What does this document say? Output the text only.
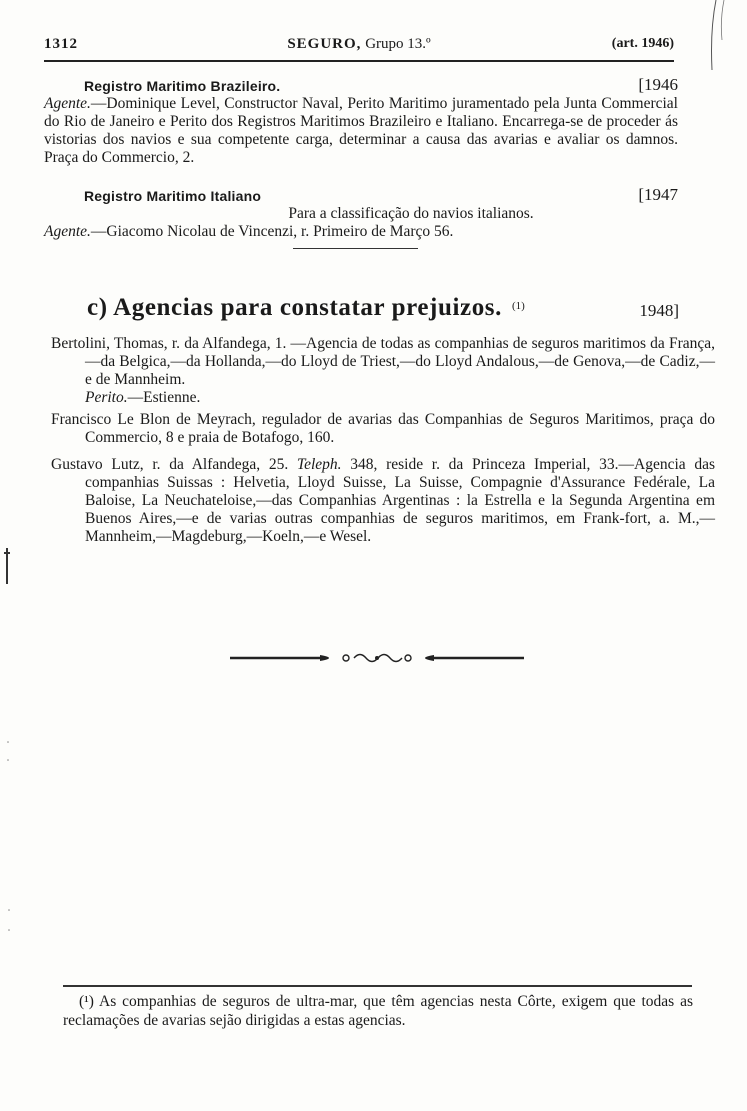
1312	SEGURO, Grupo 13.º	(art. 1946)
Registro Maritimo Brazileiro.	[1946
Agente.—Dominique Level, Constructor Naval, Perito Maritimo juramentado pela Junta Commercial do Rio de Janeiro e Perito dos Registros Maritimos Brazileiro e Italiano. Encarrega-se de proceder ás vistorias dos navios e sua competente carga, determinar a causa das avarias e avaliar os damnos. Praça do Commercio, 2.
Registro Maritimo Italiano	[1947
Para a classificação do navios italianos.
Agente.—Giacomo Nicolau de Vincenzi, r. Primeiro de Março 56.
c) Agencias para constatar prejuizos. $^{(1)}$	1948]
Bertolini, Thomas, r. da Alfandega, 1. —Agencia de todas as companhias de seguros maritimos da França,—da Belgica,—da Hollanda,—do Lloyd de Triest,—do Lloyd Andalous,—de Genova,—de Cadiz,—e de Mannheim.
Perito.—Estienne.
Francisco Le Blon de Meyrach, regulador de avarias das Companhias de Seguros Maritimos, praça do Commercio, 8 e praia de Botafogo, 160.
Gustavo Lutz, r. da Alfandega, 25. Teleph. 348, reside r. da Princeza Imperial, 33.—Agencia das companhias Suissas : Helvetia, Lloyd Suisse, La Suisse, Compagnie d'Assurance Fedérale, La Baloise, La Neuchateloise,—das Companhias Argentinas : la Estrella e la Segunda Argentina em Buenos Aires,—e de varias outras companhias de seguros maritimos, em Frank-fort, a. M.,—Mannheim,—Magdeburg,—Koeln,—e Wesel.
(¹) As companhias de seguros de ultra-mar, que têm agencias nesta Côrte, exigem que todas as reclamações de avarias sejão dirigidas a estas agencias.
